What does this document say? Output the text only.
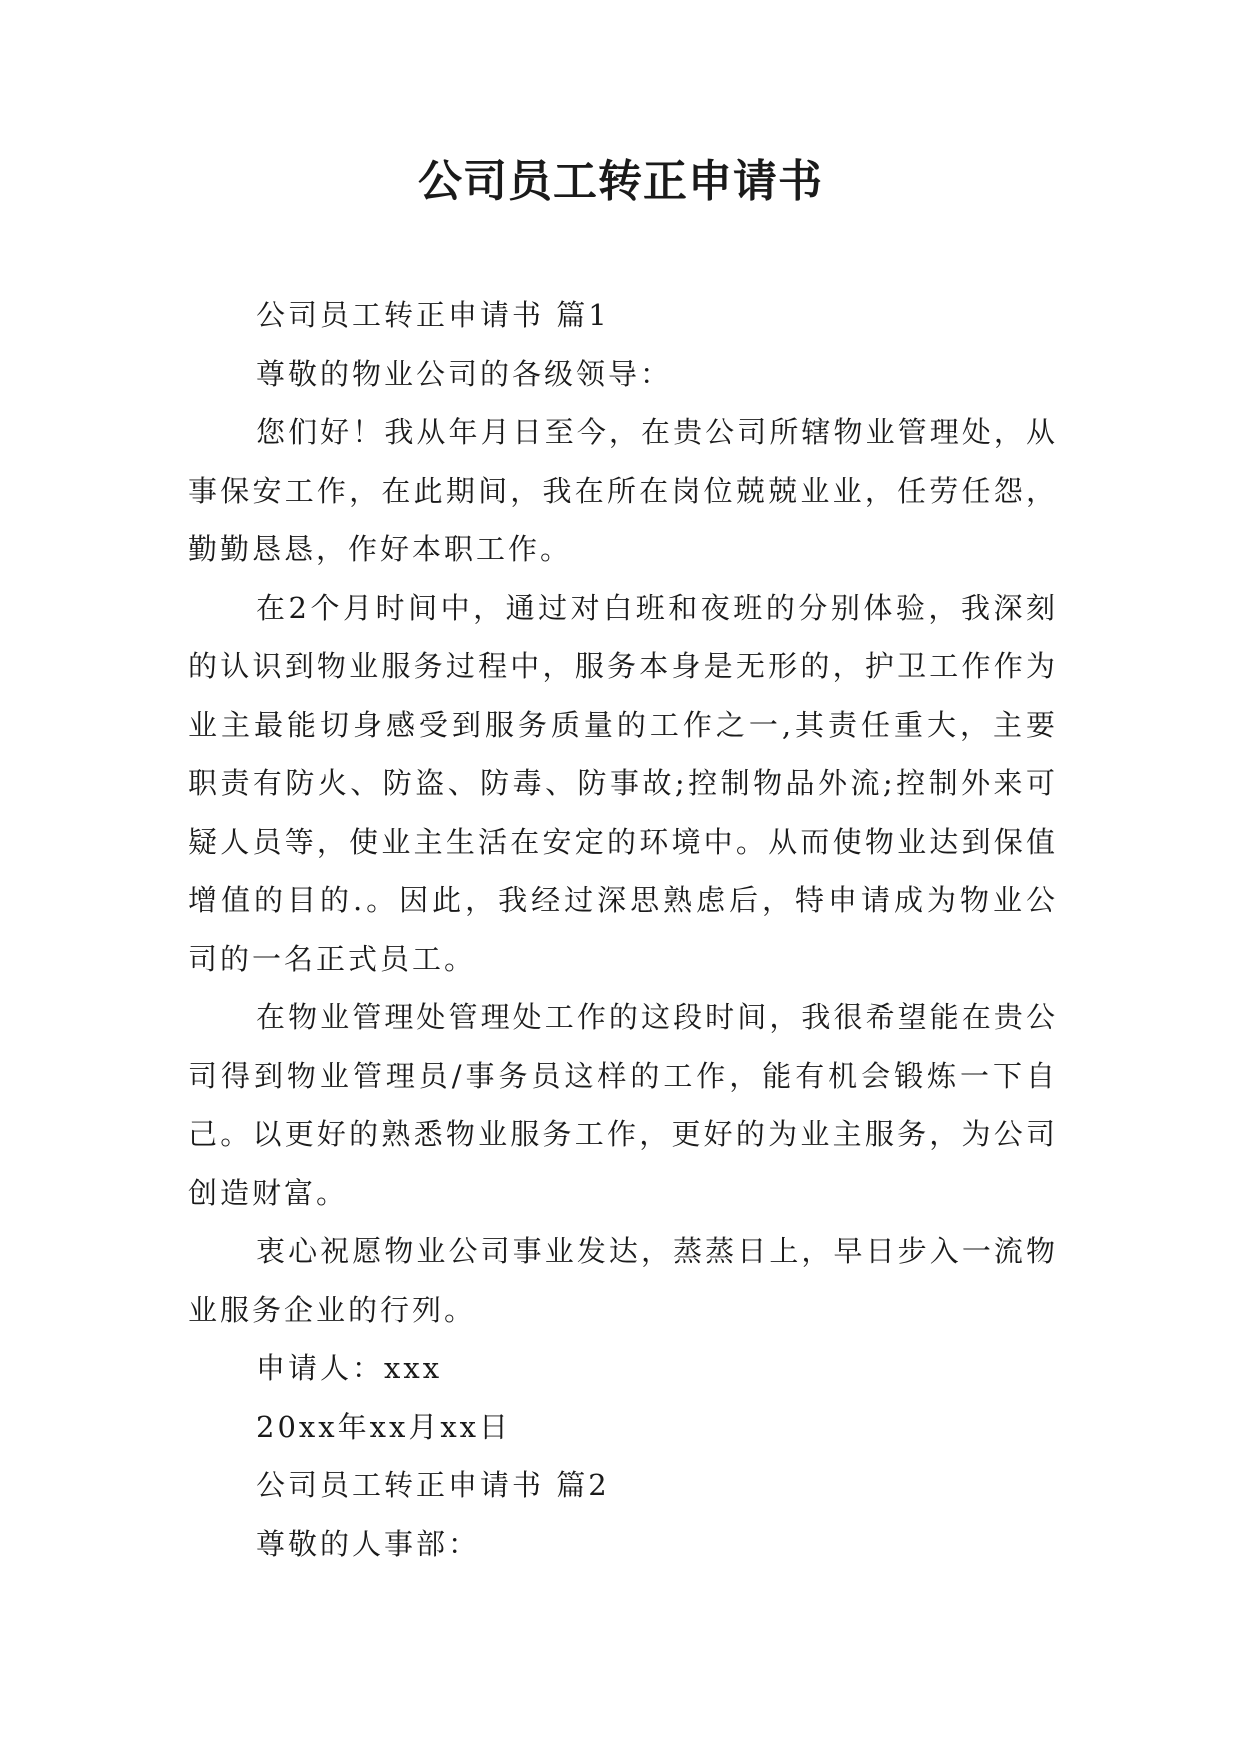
公司员工转正申请书

公司员工转正申请书 篇1

尊敬的物业公司的各级领导：

您们好！我从年月日至今，在贵公司所辖物业管理处，从事保安工作，在此期间，我在所在岗位兢兢业业，任劳任怨，勤勤恳恳，作好本职工作。

在2个月时间中，通过对白班和夜班的分别体验，我深刻的认识到物业服务过程中，服务本身是无形的，护卫工作作为业主最能切身感受到服务质量的工作之一,其责任重大，主要职责有防火、防盗、防毒、防事故;控制物品外流;控制外来可疑人员等，使业主生活在安定的环境中。从而使物业达到保值增值的目的.。因此，我经过深思熟虑后，特申请成为物业公司的一名正式员工。

在物业管理处管理处工作的这段时间，我很希望能在贵公司得到物业管理员/事务员这样的工作，能有机会锻炼一下自己。以更好的熟悉物业服务工作，更好的为业主服务，为公司创造财富。

衷心祝愿物业公司事业发达，蒸蒸日上，早日步入一流物业服务企业的行列。

申请人：xxx

20xx年xx月xx日

公司员工转正申请书 篇2

尊敬的人事部：
